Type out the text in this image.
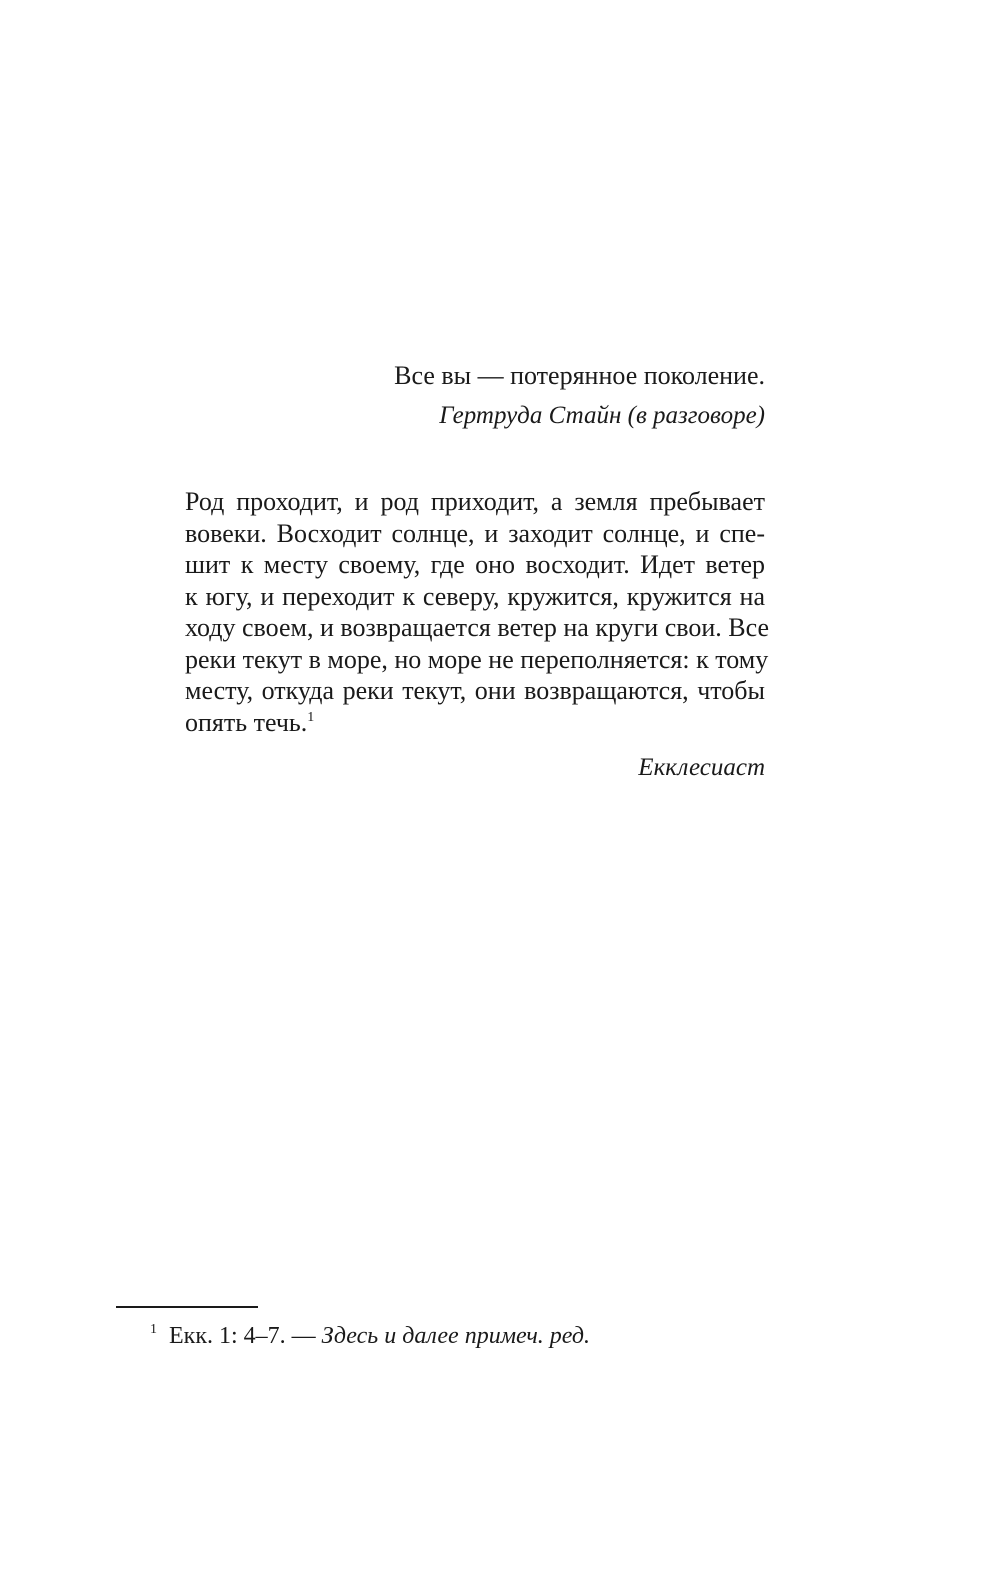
Все вы — потерянное поколение.

Гертруда Стайн (в разговоре)

Род проходит, и род приходит, а земля пребывает
вовеки. Восходит солнце, и заходит солнце, и спе-
шит к месту своему, где оно восходит. Идет ветер
к югу, и переходит к северу, кружится, кружится на
ходу своем, и возвращается ветер на круги свои. Все
реки текут в море, но море не переполняется: к тому
месту, откуда реки текут, они возвращаются, чтобы
опять течь.$^1$

Екклесиаст

$^1$ Екк. 1: 4–7. — Здесь и далее примеч. ред.
